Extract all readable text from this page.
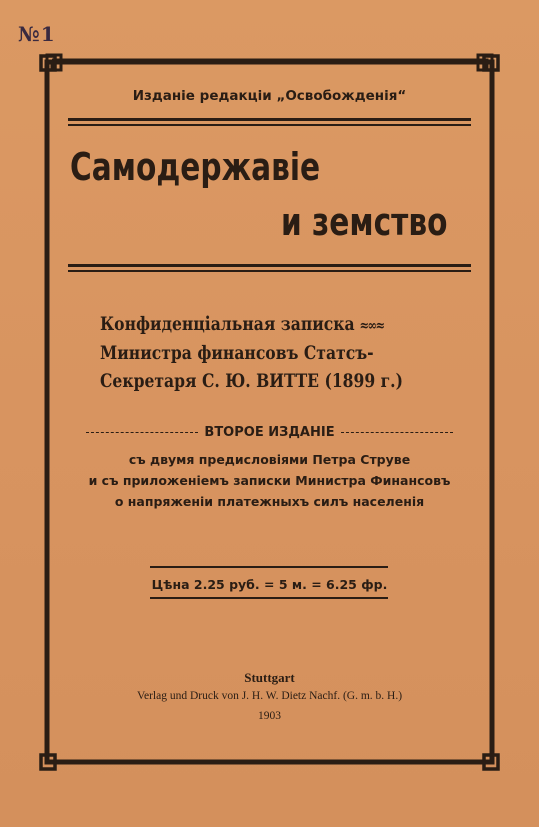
№1
Изданіе редакціи „Освобожденія“
Самодержавіе
и земство
Конфиденціальная записка ≈∞≈
Министра финансовъ Статсъ-
Секретаря С. Ю. ВИТТЕ (1899 г.)
ВТОРОЕ ИЗДАНІЕ
съ двумя предисловіями Петра Струве
и съ приложеніемъ записки Министра Финансовъ
о напряженіи платежныхъ силъ населенія
Цѣна 2.25 руб. = 5 м. = 6.25 фр.
Stuttgart
Verlag und Druck von J. H. W. Dietz Nachf. (G. m. b. H.)
1903
